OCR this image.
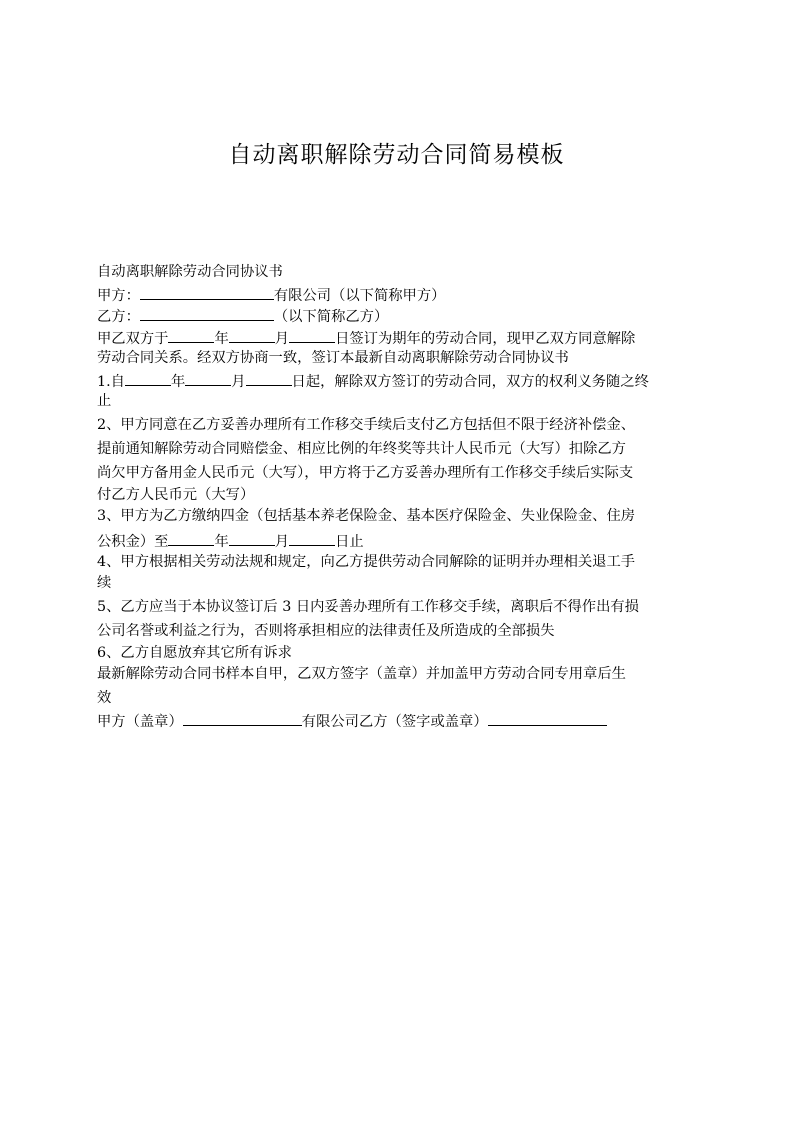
自动离职解除劳动合同简易模板
自动离职解除劳动合同协议书
甲方：	有限公司（以下简称甲方）
乙方：	（以下简称乙方）
甲乙双方于	年	月	日签订为期年的劳动合同，现甲乙双方同意解除
劳动合同关系。经双方协商一致，签订本最新自动离职解除劳动合同协议书
1.自	年	月	日起，解除双方签订的劳动合同，双方的权利义务随之终
止
2、甲方同意在乙方妥善办理所有工作移交手续后支付乙方包括但不限于经济补偿金、
提前通知解除劳动合同赔偿金、相应比例的年终奖等共计人民币元（大写）扣除乙方
尚欠甲方备用金人民币元（大写），甲方将于乙方妥善办理所有工作移交手续后实际支
付乙方人民币元（大写）
3、甲方为乙方缴纳四金（包括基本养老保险金、基本医疗保险金、失业保险金、住房
公积金）至	年	月	日止
4、甲方根据相关劳动法规和规定，向乙方提供劳动合同解除的证明并办理相关退工手
续
5、乙方应当于本协议签订后 3 日内妥善办理所有工作移交手续，离职后不得作出有损
公司名誉或利益之行为，否则将承担相应的法律责任及所造成的全部损失
6、乙方自愿放弃其它所有诉求
最新解除劳动合同书样本自甲，乙双方签字（盖章）并加盖甲方劳动合同专用章后生
效
甲方（盖章）	有限公司乙方（签字或盖章）
